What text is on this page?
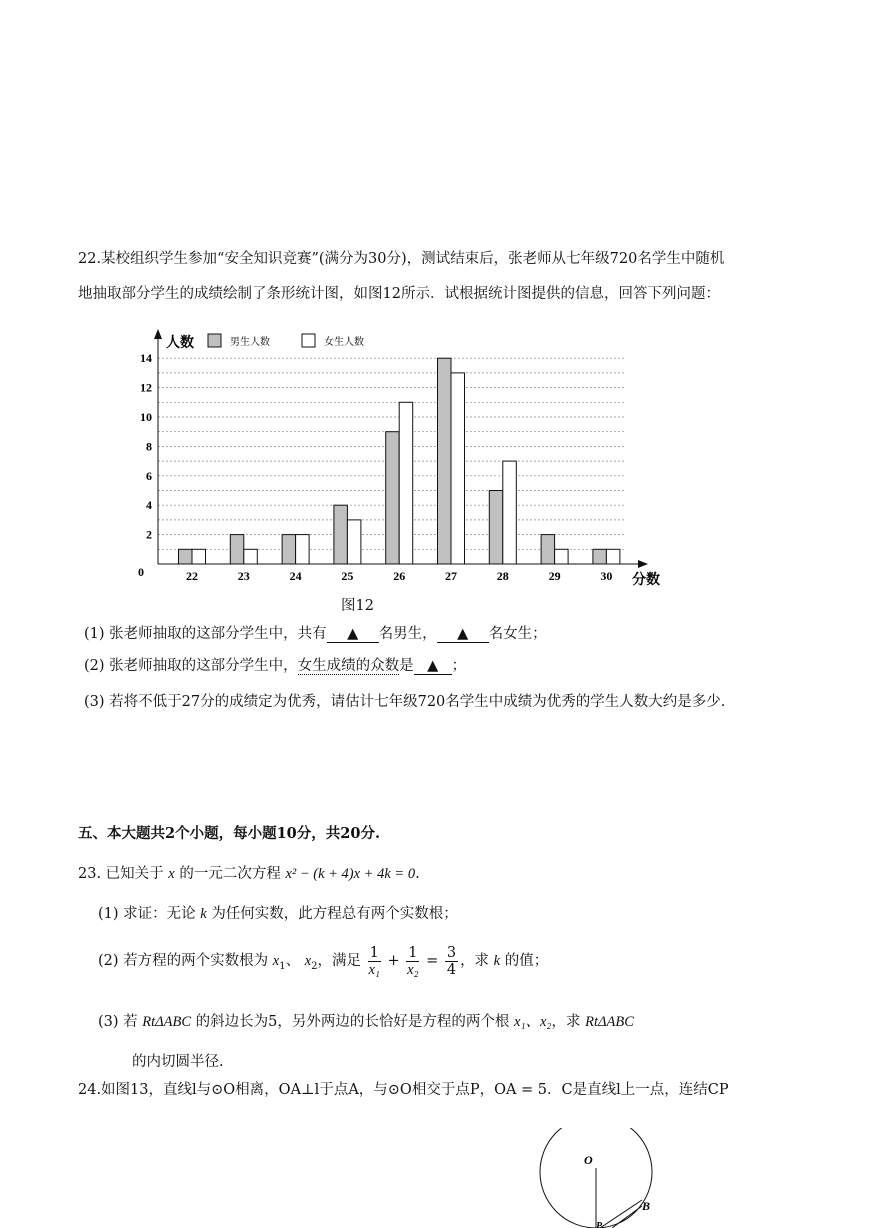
22.某校组织学生参加“安全知识竞赛”(满分为30分)，测试结束后，张老师从七年级720名学生中随机
地抽取部分学生的成绩绘制了条形统计图，如图12所示．试根据统计图提供的信息，回答下列问题：
0
2
4
6
8
10
12
14
人数
分数
男生人数	女生人数
22	23	24	25	26	27	28	29	30
图12
(1) 张老师抽取的这部分学生中，共有 ▲ 名男生， ▲ 名女生；
(2) 张老师抽取的这部分学生中，女生成绩的众数是 ▲ ；
(3) 若将不低于27分的成绩定为优秀，请估计七年级720名学生中成绩为优秀的学生人数大约是多少.
五、本大题共2个小题，每小题10分，共20分.
23. 已知关于 x 的一元二次方程 x² − (k + 4)x + 4k = 0.
(1) 求证：无论 k 为任何实数，此方程总有两个实数根；
(2) 若方程的两个实数根为 $x_1$、 $x_2$，满足 $\frac{1}{\text{x₁}} + \frac{1}{\text{x₂}} = \frac{3}{4}$ ，求 k 的值；
(3) 若 RtΔABC 的斜边长为5，另外两边的长恰好是方程的两个根 x₁、x₂，求 RtΔABC
的内切圆半径.
24.如图13，直线l与⊙O相离，OA⊥l于点A，与⊙O相交于点P，OA = 5．C是直线l上一点，连结CP
O
B
P
